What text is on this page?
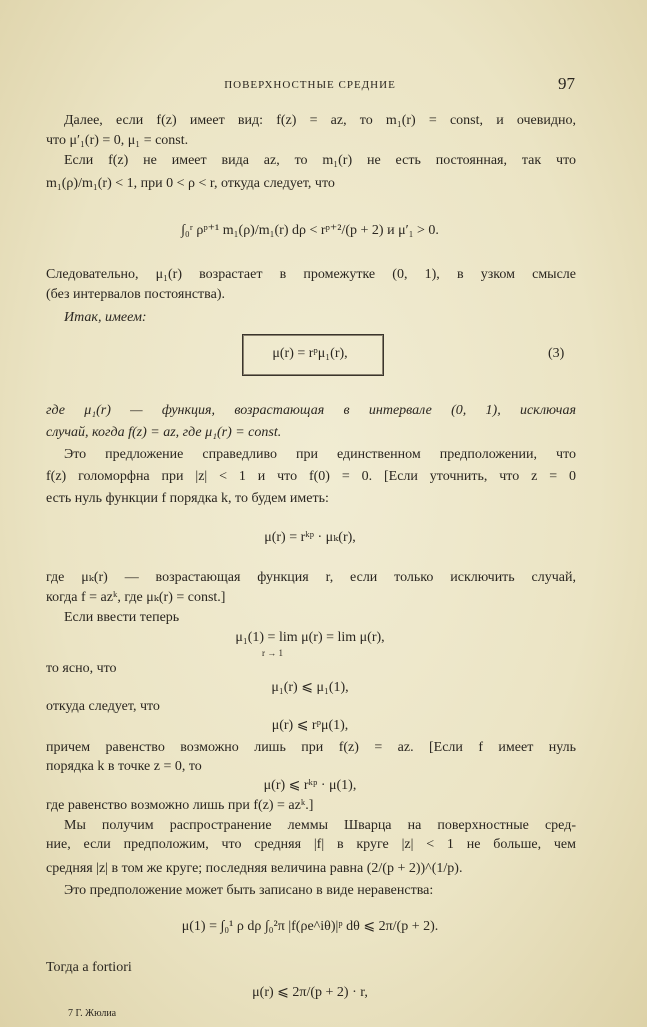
ПОВЕРХНОСТНЫЕ СРЕДНИЕ	97
Далее, если f(z) имеет вид: f(z) = az, то m₁(r) = const, и очевидно,
что μ′₁(r) = 0, μ₁ = const.
Если f(z) не имеет вида az, то m₁(r) не есть постоянная, так что
m₁(ρ)/m₁(r) < 1, при 0 < ρ < r, откуда следует, что
∫₀ʳ ρᵖ⁺¹ m₁(ρ)/m₁(r) dρ < rᵖ⁺²/(p + 2) и μ′₁ > 0.
Следовательно, μ₁(r) возрастает в промежутке (0, 1), в узком смысле
(без интервалов постоянства).
Итак, имеем:
μ(r) = rᵖμ₁(r),	(3)
где μ₁(r) — функция, возрастающая в интервале (0, 1), исключая
случай, когда f(z) = az, где μ₁(r) = const.
Это предложение справедливо при единственном предположении, что
f(z) голоморфна при |z| < 1 и что f(0) = 0. [Если уточнить, что z = 0
есть нуль функции f порядка k, то будем иметь:
μ(r) = rᵏᵖ · μₖ(r),
где μₖ(r) — возрастающая функция r, если только исключить случай,
когда f = azᵏ, где μₖ(r) = const.]
Если ввести теперь
μ₁(1) = lim μ(r) = lim μ(r),
r → 1
то ясно, что
μ₁(r) ⩽ μ₁(1),
откуда следует, что
μ(r) ⩽ rᵖμ(1),
причем равенство возможно лишь при f(z) = az. [Если f имеет нуль
порядка k в точке z = 0, то
μ(r) ⩽ rᵏᵖ · μ(1),
где равенство возможно лишь при f(z) = azᵏ.]
Мы получим распространение леммы Шварца на поверхностные сред-
ние, если предположим, что средняя |f| в круге |z| < 1 не больше, чем
средняя |z| в том же круге; последняя величина равна (2/(p + 2))^(1/p).
Это предположение может быть записано в виде неравенства:
μ(1) = ∫₀¹ ρ dρ ∫₀²π |f(ρe^iθ)|ᵖ dθ ⩽ 2π/(p + 2).
Тогда a fortiori
μ(r) ⩽ 2π/(p + 2) · r,
7 Г. Жюлиа
